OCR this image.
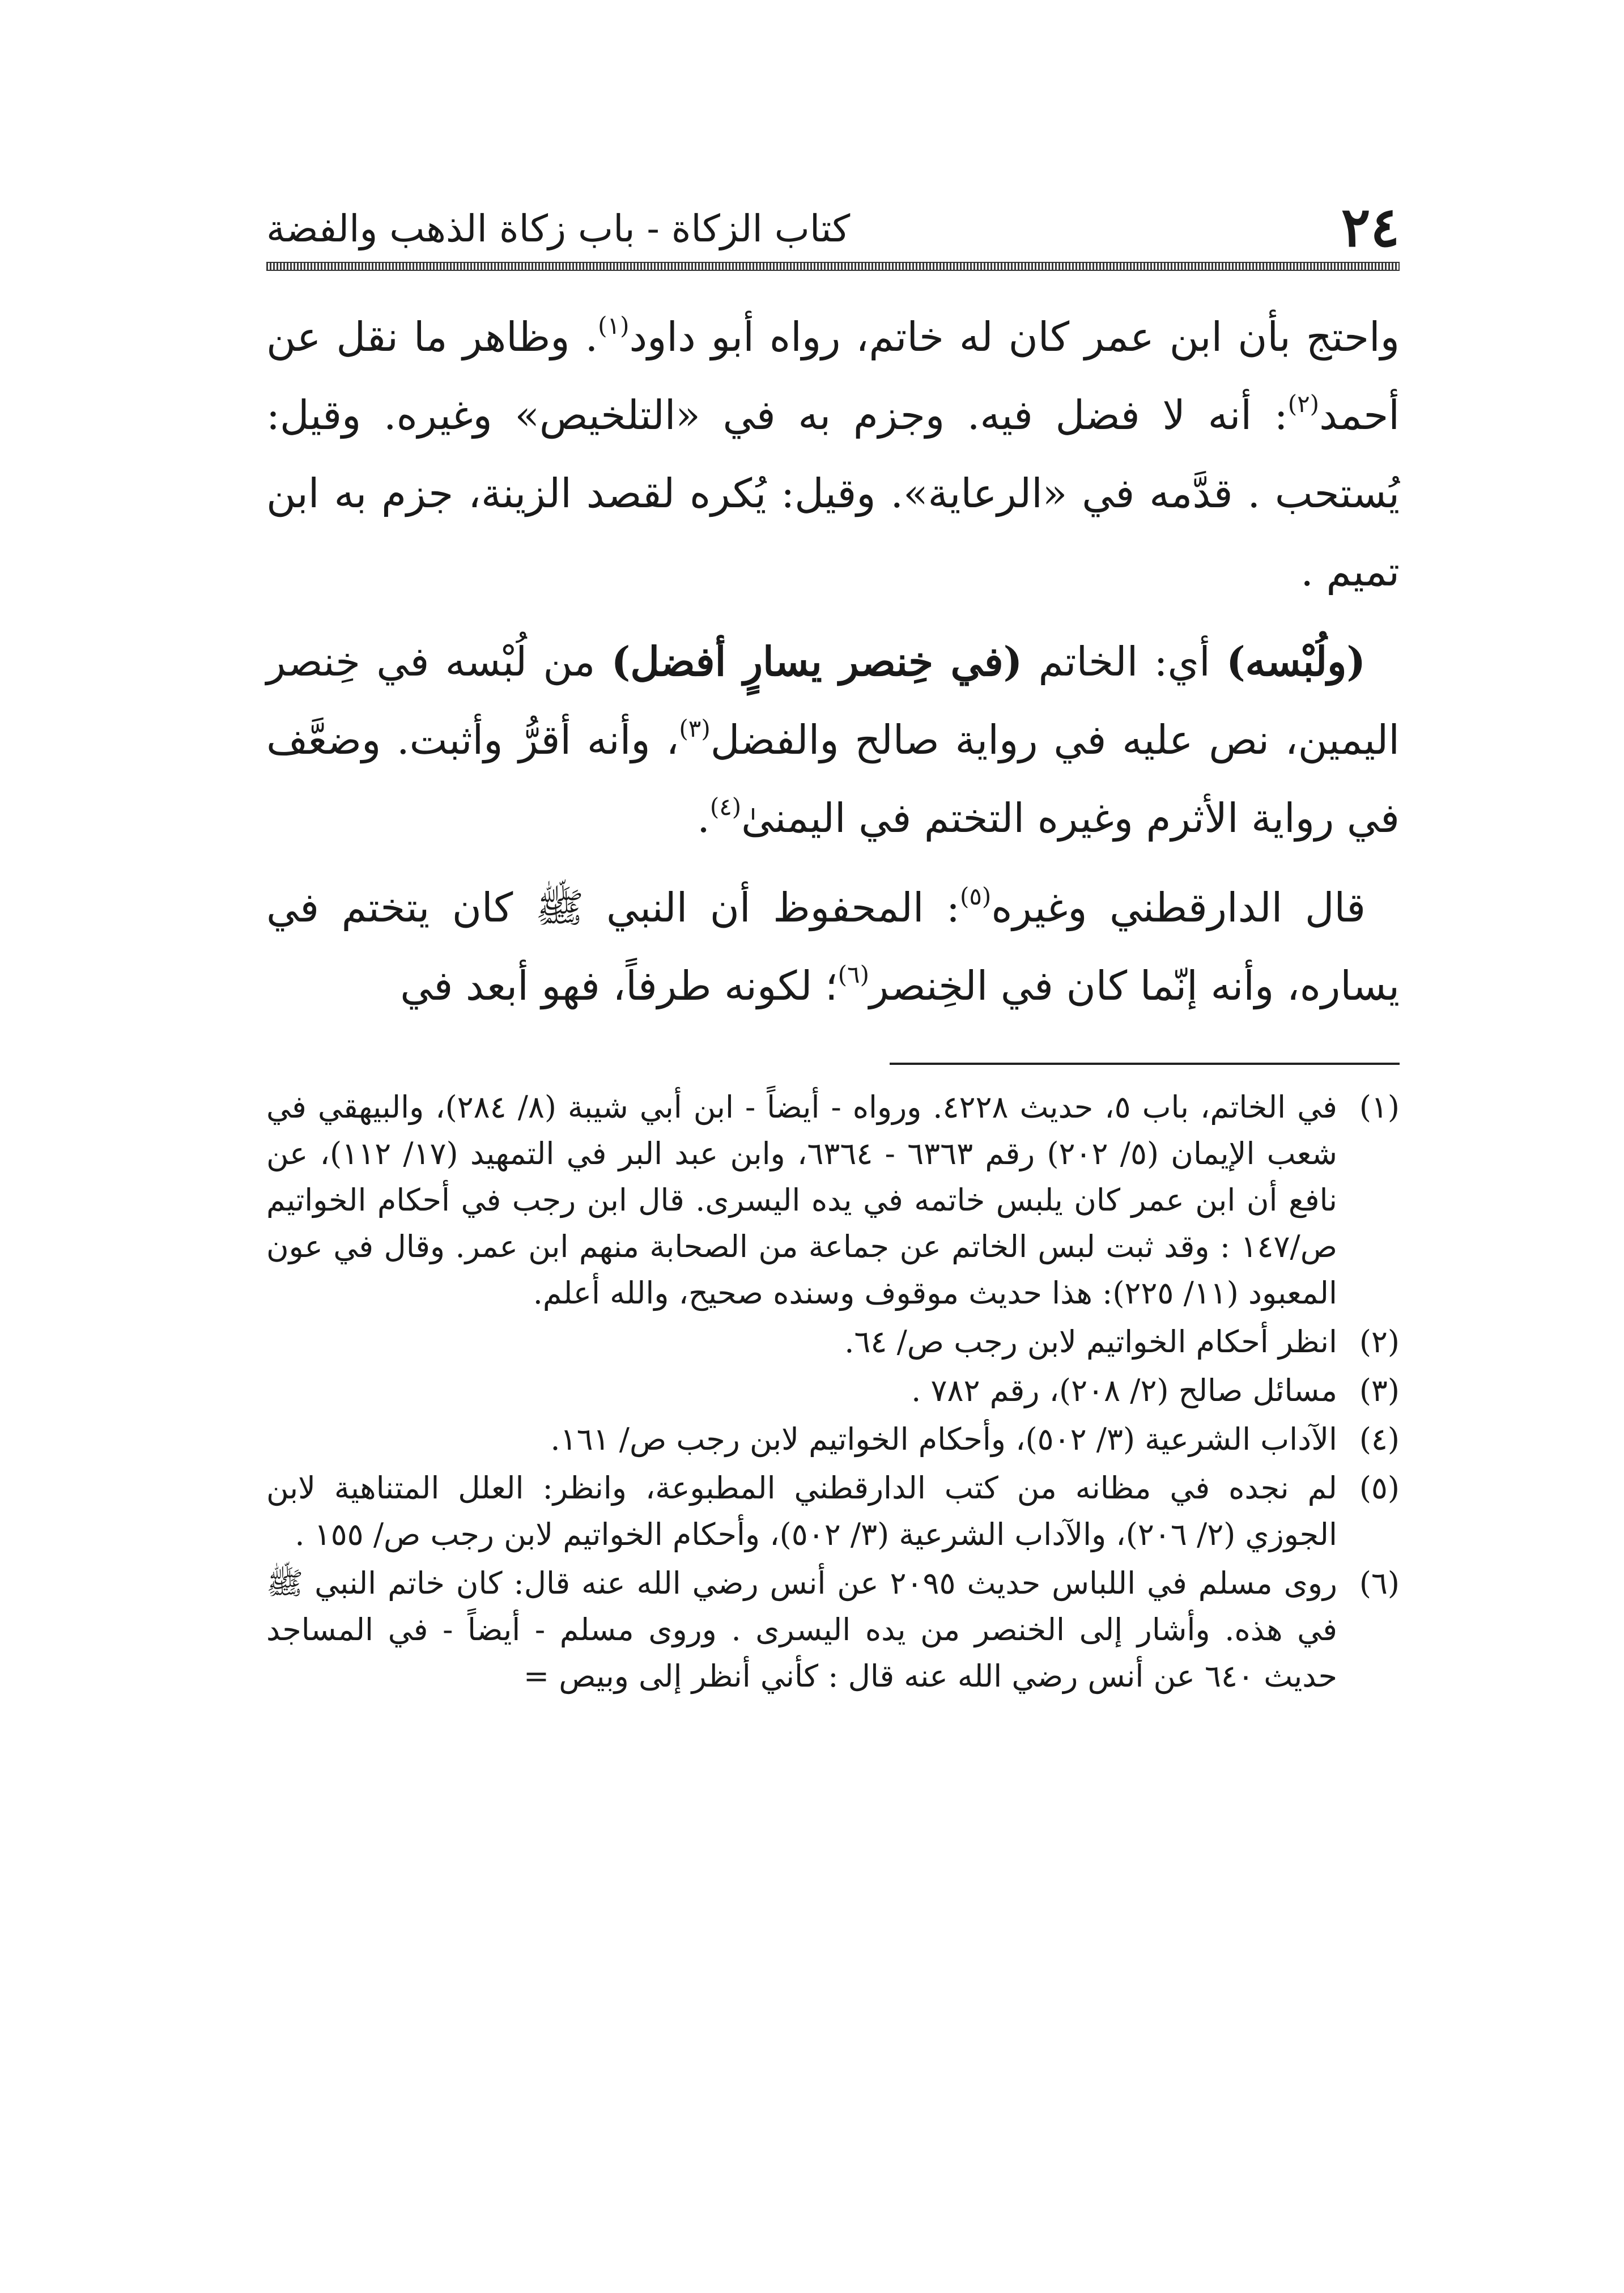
٢٤
كتاب الزكاة - باب زكاة الذهب والفضة

واحتج بأن ابن عمر كان له خاتم، رواه أبو داود$^{(١)}$. وظاهر ما نقل عن أحمد$^{(٢)}$: أنه لا فضل فيه. وجزم به في «التلخيص» وغيره. وقيل: يُستحب . قدَّمه في «الرعاية». وقيل: يُكره لقصد الزينة، جزم به ابن تميم .

(ولُبْسه) أي: الخاتم (في خِنصر يسارٍ أفضل) من لُبْسه في خِنصر اليمين، نص عليه في رواية صالح والفضل$^{(٣)}$، وأنه أقرُّ وأثبت. وضعَّف في رواية الأثرم وغيره التختم في اليمنىٰ$^{(٤)}$.

قال الدارقطني وغيره$^{(٥)}$: المحفوظ أن النبي ﷺ كان يتختم في يساره، وأنه إنّما كان في الخِنصر$^{(٦)}$؛ لكونه طرفاً، فهو أبعد في

(١)
في الخاتم، باب ٥، حديث ٤٢٢٨. ورواه - أيضاً - ابن أبي شيبة (٨/ ٢٨٤)، والبيهقي في شعب الإيمان (٥/ ٢٠٢) رقم ٦٣٦٣ - ٦٣٦٤، وابن عبد البر في التمهيد (١٧/ ١١٢)، عن نافع أن ابن عمر كان يلبس خاتمه في يده اليسرى. قال ابن رجب في أحكام الخواتيم ص/١٤٧ : وقد ثبت لبس الخاتم عن جماعة من الصحابة منهم ابن عمر. وقال في عون المعبود (١١/ ٢٢٥): هذا حديث موقوف وسنده صحيح، والله أعلم.
(٢)
انظر أحكام الخواتيم لابن رجب ص/ ٦٤.
(٣)
مسائل صالح (٢/ ٢٠٨)، رقم ٧٨٢ .
(٤)
الآداب الشرعية (٣/ ٥٠٢)، وأحكام الخواتيم لابن رجب ص/ ١٦١.
(٥)
لم نجده في مظانه من كتب الدارقطني المطبوعة، وانظر: العلل المتناهية لابن الجوزي (٢/ ٢٠٦)، والآداب الشرعية (٣/ ٥٠٢)، وأحكام الخواتيم لابن رجب ص/ ١٥٥ .
(٦)
روى مسلم في اللباس حديث ٢٠٩٥ عن أنس رضي الله عنه قال: كان خاتم النبي ﷺ في هذه. وأشار إلى الخنصر من يده اليسرى . وروى مسلم - أيضاً - في المساجد حديث ٦٤٠ عن أنس رضي الله عنه قال : كأني أنظر إلى وبيص =
